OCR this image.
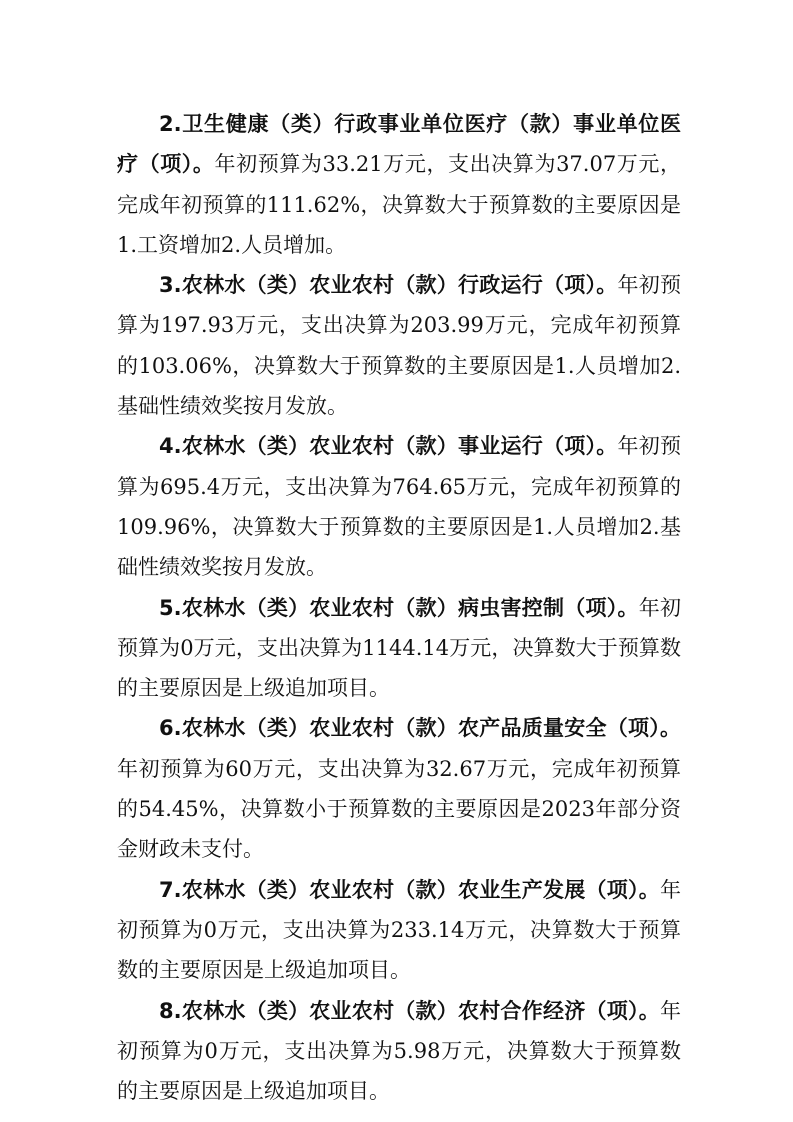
2.卫生健康（类）行政事业单位医疗（款）事业单位医疗（项）。年初预算为33.21万元，支出决算为37.07万元，完成年初预算的111.62%，决算数大于预算数的主要原因是1.工资增加2.人员增加。

3.农林水（类）农业农村（款）行政运行（项）。年初预算为197.93万元，支出决算为203.99万元，完成年初预算的103.06%，决算数大于预算数的主要原因是1.人员增加2.基础性绩效奖按月发放。

4.农林水（类）农业农村（款）事业运行（项）。年初预算为695.4万元，支出决算为764.65万元，完成年初预算的109.96%，决算数大于预算数的主要原因是1.人员增加2.基础性绩效奖按月发放。

5.农林水（类）农业农村（款）病虫害控制（项）。年初预算为0万元，支出决算为1144.14万元，决算数大于预算数的主要原因是上级追加项目。

6.农林水（类）农业农村（款）农产品质量安全（项）。年初预算为60万元，支出决算为32.67万元，完成年初预算的54.45%，决算数小于预算数的主要原因是2023年部分资金财政未支付。

7.农林水（类）农业农村（款）农业生产发展（项）。年初预算为0万元，支出决算为233.14万元，决算数大于预算数的主要原因是上级追加项目。

8.农林水（类）农业农村（款）农村合作经济（项）。年初预算为0万元，支出决算为5.98万元，决算数大于预算数的主要原因是上级追加项目。
